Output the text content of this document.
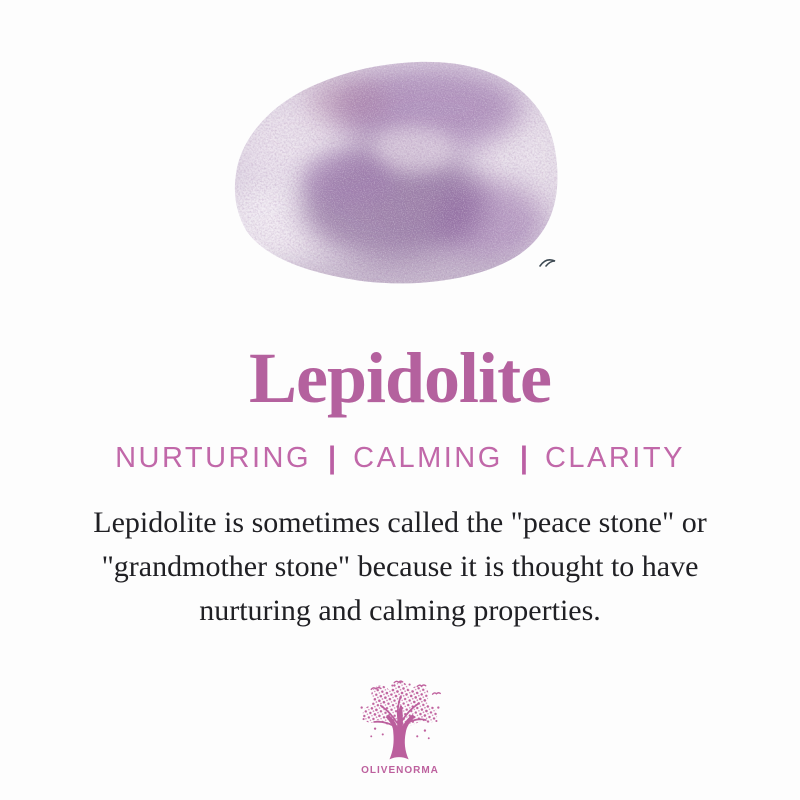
Lepidolite
NURTURING | CALMING | CLARITY
Lepidolite is sometimes called the "peace stone" or
"grandmother stone" because it is thought to have
nurturing and calming properties.
OLIVENORMA
